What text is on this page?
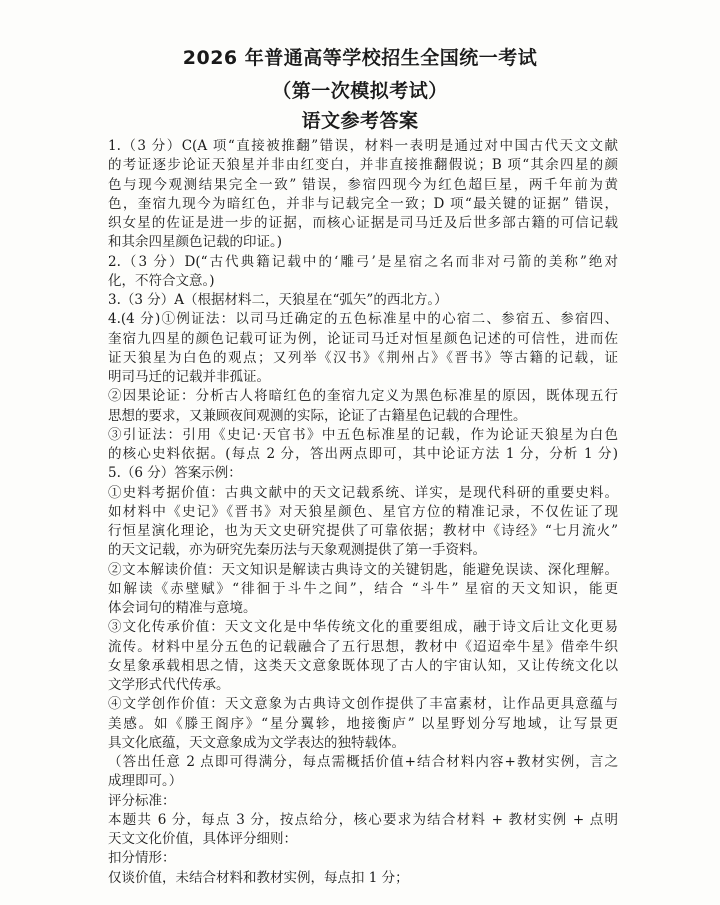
2026 年普通高等学校招生全国统一考试
（第一次模拟考试）
语文参考答案
1.（3 分）C(A 项“直接被推翻”错误，材料一表明是通过对中国古代天文文献
的考证逐步论证天狼星并非由红变白，并非直接推翻假说；B 项“其余四星的颜
色与现今观测结果完全一致” 错误，参宿四现今为红色超巨星，两千年前为黄
色，奎宿九现今为暗红色，并非与记载完全一致；D 项“最关键的证据” 错误，
织女星的佐证是进一步的证据，而核心证据是司马迁及后世多部古籍的可信记载
和其余四星颜色记载的印证。)
2.（3 分）D(“古代典籍记载中的‘雕弓’是星宿之名而非对弓箭的美称”绝对
化，不符合文意。)
3.（3 分）A（根据材料二，天狼星在“弧矢”的西北方。）
4.(4 分)①例证法：以司马迁确定的五色标准星中的心宿二、参宿五、参宿四、
奎宿九四星的颜色记载可证为例，论证司马迁对恒星颜色记述的可信性，进而佐
证天狼星为白色的观点；又列举《汉书》《荆州占》《晋书》等古籍的记载，证
明司马迁的记载并非孤证。
②因果论证：分析古人将暗红色的奎宿九定义为黑色标准星的原因，既体现五行
思想的要求，又兼顾夜间观测的实际，论证了古籍星色记载的合理性。
③引证法：引用《史记·天官书》中五色标准星的记载，作为论证天狼星为白色
的核心史料依据。(每点 2 分，答出两点即可，其中论证方法 1 分，分析 1 分)
5.（6 分）答案示例：
①史料考据价值：古典文献中的天文记载系统、详实，是现代科研的重要史料。
如材料中《史记》《晋书》对天狼星颜色、星官方位的精准记录，不仅佐证了现
行恒星演化理论，也为天文史研究提供了可靠依据；教材中《诗经》“七月流火”
的天文记载，亦为研究先秦历法与天象观测提供了第一手资料。
②文本解读价值：天文知识是解读古典诗文的关键钥匙，能避免误读、深化理解。
如解读《赤壁赋》“徘徊于斗牛之间”，结合 “斗牛” 星宿的天文知识，能更
体会词句的精准与意境。
③文化传承价值：天文文化是中华传统文化的重要组成，融于诗文后让文化更易
流传。材料中星分五色的记载融合了五行思想，教材中《迢迢牵牛星》借牵牛织
女星象承载相思之情，这类天文意象既体现了古人的宇宙认知，又让传统文化以
文学形式代代传承。
④文学创作价值：天文意象为古典诗文创作提供了丰富素材，让作品更具意蕴与
美感。如《滕王阁序》“星分翼轸，地接衡庐” 以星野划分写地域，让写景更
具文化底蕴，天文意象成为文学表达的独特载体。
（答出任意 2 点即可得满分，每点需概括价值+结合材料内容+教材实例，言之
成理即可。）
评分标准：
本题共 6 分，每点 3 分，按点给分，核心要求为结合材料 + 教材实例 + 点明
天文文化价值，具体评分细则：
扣分情形：
仅谈价值，未结合材料和教材实例，每点扣 1 分；
